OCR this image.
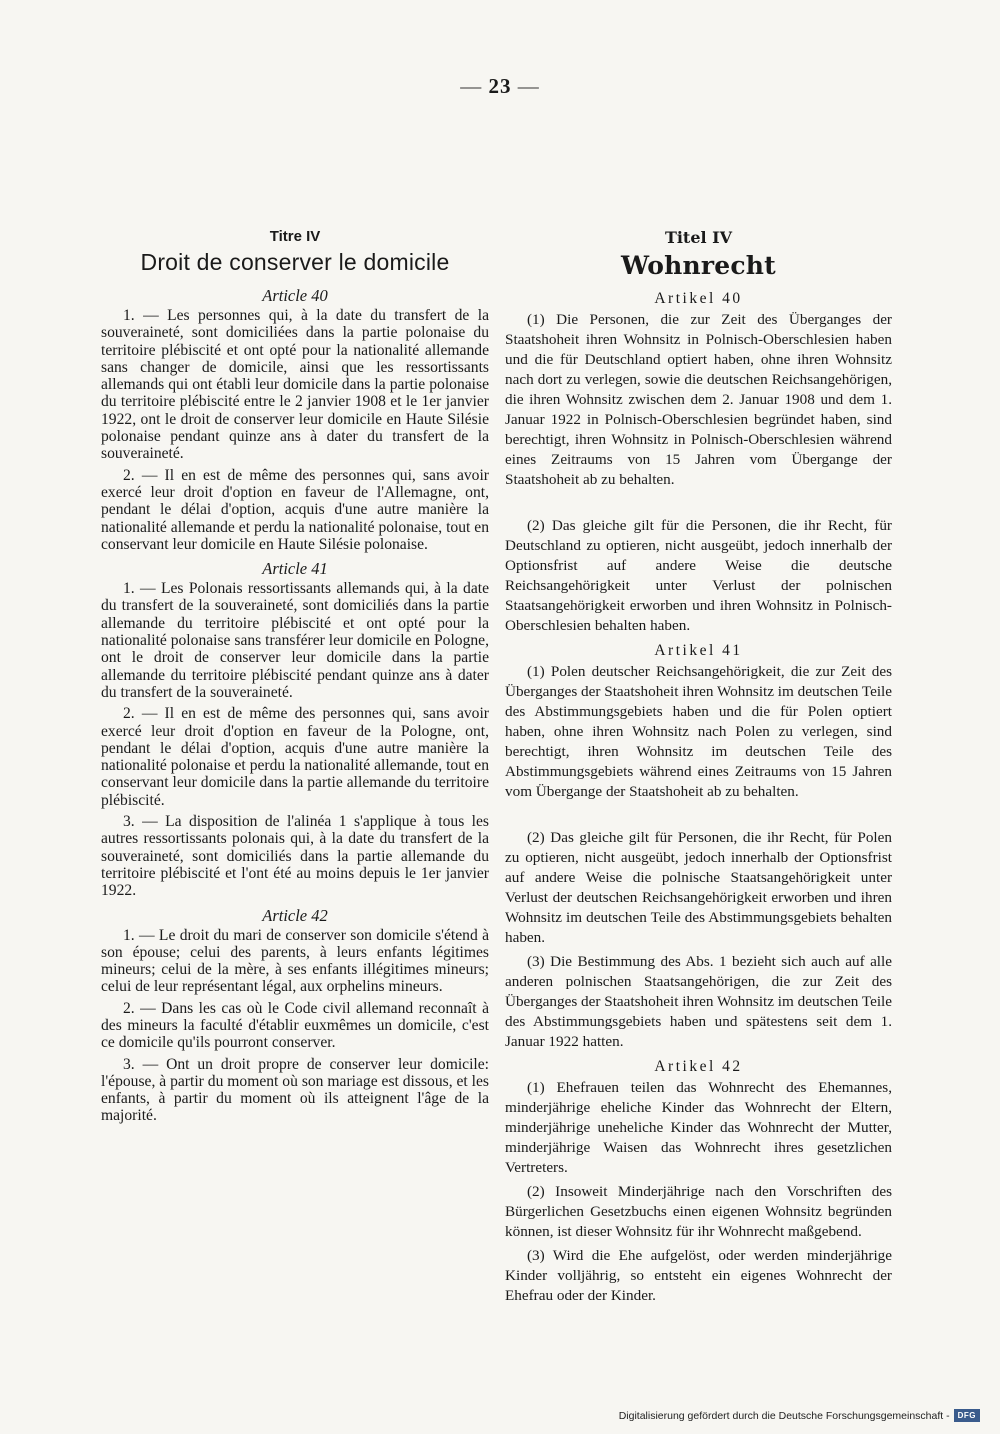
— 23 —
Titre IV
Droit de conserver le domicile
Article 40

1. — Les personnes qui, à la date du transfert de la souveraineté, sont domiciliées dans la partie polonaise du territoire plébiscité et ont opté pour la nationalité allemande sans changer de domicile, ainsi que les ressortissants allemands qui ont établi leur domicile dans la partie polonaise du territoire plébiscité entre le 2 janvier 1908 et le 1er janvier 1922, ont le droit de conserver leur domicile en Haute Silésie polonaise pendant quinze ans à dater du transfert de la souveraineté.

2. — Il en est de même des personnes qui, sans avoir exercé leur droit d'option en faveur de l'Allemagne, ont, pendant le délai d'option, acquis d'une autre manière la nationalité allemande et perdu la nationalité polonaise, tout en conservant leur domicile en Haute Silésie polonaise.

Article 41

1. — Les Polonais ressortissants allemands qui, à la date du transfert de la souveraineté, sont domiciliés dans la partie allemande du territoire plébiscité et ont opté pour la nationalité polonaise sans transférer leur domicile en Pologne, ont le droit de conserver leur domicile dans la partie allemande du territoire plébiscité pendant quinze ans à dater du transfert de la souveraineté.

2. — Il en est de même des personnes qui, sans avoir exercé leur droit d'option en faveur de la Pologne, ont, pendant le délai d'option, acquis d'une autre manière la nationalité polonaise et perdu la nationalité allemande, tout en conservant leur domicile dans la partie allemande du territoire plébiscité.

3. — La disposition de l'alinéa 1 s'applique à tous les autres ressortissants polonais qui, à la date du transfert de la souveraineté, sont domiciliés dans la partie allemande du territoire plébiscité et l'ont été au moins depuis le 1er janvier 1922.

Article 42

1. — Le droit du mari de conserver son domicile s'étend à son épouse; celui des parents, à leurs enfants légitimes mineurs; celui de la mère, à ses enfants illégitimes mineurs; celui de leur représentant légal, aux orphelins mineurs.

2. — Dans les cas où le Code civil allemand reconnaît à des mineurs la faculté d'établir euxmêmes un domicile, c'est ce domicile qu'ils pourront conserver.

3. — Ont un droit propre de conserver leur domicile: l'épouse, à partir du moment où son mariage est dissous, et les enfants, à partir du moment où ils atteignent l'âge de la majorité.

Titel IV
Wohnrecht
Artikel 40

(1) Die Personen, die zur Zeit des Überganges der Staatshoheit ihren Wohnsitz in Polnisch-Oberschlesien haben und die für Deutschland optiert haben, ohne ihren Wohnsitz nach dort zu verlegen, sowie die deutschen Reichsangehörigen, die ihren Wohnsitz zwischen dem 2. Januar 1908 und dem 1. Januar 1922 in Polnisch-Oberschlesien begründet haben, sind berechtigt, ihren Wohnsitz in Polnisch-Oberschlesien während eines Zeitraums von 15 Jahren vom Übergange der Staatshoheit ab zu behalten.

(2) Das gleiche gilt für die Personen, die ihr Recht, für Deutschland zu optieren, nicht ausgeübt, jedoch innerhalb der Optionsfrist auf andere Weise die deutsche Reichsangehörigkeit unter Verlust der polnischen Staatsangehörigkeit erworben und ihren Wohnsitz in Polnisch-Oberschlesien behalten haben.

Artikel 41

(1) Polen deutscher Reichsangehörigkeit, die zur Zeit des Überganges der Staatshoheit ihren Wohnsitz im deutschen Teile des Abstimmungsgebiets haben und die für Polen optiert haben, ohne ihren Wohnsitz nach Polen zu verlegen, sind berechtigt, ihren Wohnsitz im deutschen Teile des Abstimmungsgebiets während eines Zeitraums von 15 Jahren vom Übergange der Staatshoheit ab zu behalten.

(2) Das gleiche gilt für Personen, die ihr Recht, für Polen zu optieren, nicht ausgeübt, jedoch innerhalb der Optionsfrist auf andere Weise die polnische Staatsangehörigkeit unter Verlust der deutschen Reichsangehörigkeit erworben und ihren Wohnsitz im deutschen Teile des Abstimmungsgebiets behalten haben.

(3) Die Bestimmung des Abs. 1 bezieht sich auch auf alle anderen polnischen Staatsangehörigen, die zur Zeit des Überganges der Staatshoheit ihren Wohnsitz im deutschen Teile des Abstimmungsgebiets haben und spätestens seit dem 1. Januar 1922 hatten.

Artikel 42

(1) Ehefrauen teilen das Wohnrecht des Ehemannes, minderjährige eheliche Kinder das Wohnrecht der Eltern, minderjährige uneheliche Kinder das Wohnrecht der Mutter, minderjährige Waisen das Wohnrecht ihres gesetzlichen Vertreters.

(2) Insoweit Minderjährige nach den Vorschriften des Bürgerlichen Gesetzbuchs einen eigenen Wohnsitz begründen können, ist dieser Wohnsitz für ihr Wohnrecht maßgebend.

(3) Wird die Ehe aufgelöst, oder werden minderjährige Kinder volljährig, so entsteht ein eigenes Wohnrecht der Ehefrau oder der Kinder.

Digitalisierung gefördert durch die Deutsche Forschungsgemeinschaft -	DFG
